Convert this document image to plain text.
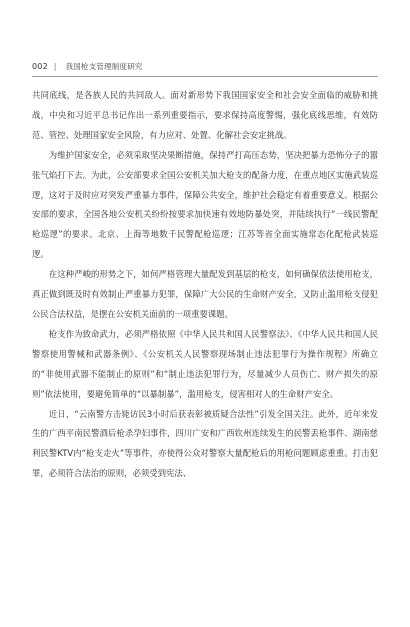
002 | 我国枪支管理制度研究

共同底线，是各族人民的共同敌人。面对新形势下我国国家安全和社会安全面临的威胁和挑战，中央和习近平总书记作出一系列重要指示，要求保持高度警惕，强化底线思维，有效防范、管控、处理国家安全风险，有力应对、处置、化解社会安定挑战。

为维护国家安全，必须采取坚决果断措施，保持严打高压态势，坚决把暴力恐怖分子的嚣张气焰打下去。为此，公安部要求全国公安机关加大枪支的配备力度，在重点地区实施武装巡逻，这对于及时应对突发严重暴力事件，保障公共安全，维护社会稳定有着重要意义。根据公安部的要求，全国各地公安机关纷纷按要求加快速有效地防暴处突，并陆续执行“一线民警配枪巡逻”的要求。北京、上海等地数千民警配枪巡逻；江苏等省全面实施常态化配枪武装巡逻。

在这种严峻的形势之下，如何严格管理大量配发到基层的枪支，如何确保依法使用枪支，真正做到既及时有效制止严重暴力犯罪，保障广大公民的生命财产安全，又防止滥用枪支侵犯公民合法权益，是摆在公安机关面前的一项重要课题。

枪支作为致命武力，必须严格依照《中华人民共和国人民警察法》、《中华人民共和国人民警察使用警械和武器条例》、《公安机关人民警察现场制止违法犯罪行为操作规程》所确立的“非使用武器不能制止的原则”和“制止违法犯罪行为，尽量减少人员伤亡、财产损失的原则”依法使用，要避免简单的“以暴制暴”，滥用枪支，侵害相对人的生命财产安全。

近日，“云南警方击毙访民3小时后获表彰被质疑合法性”引发全国关注。此外，近年来发生的广西平南民警酒后枪杀孕妇事件，四川广安和广西钦州连续发生的民警丢枪事件、湖南慈利民警KTV内“枪支走火”等事件，亦使得公众对警察大量配枪后的用枪问题顾虑重重。打击犯罪，必须符合法治的原则，必须受到宪法、
